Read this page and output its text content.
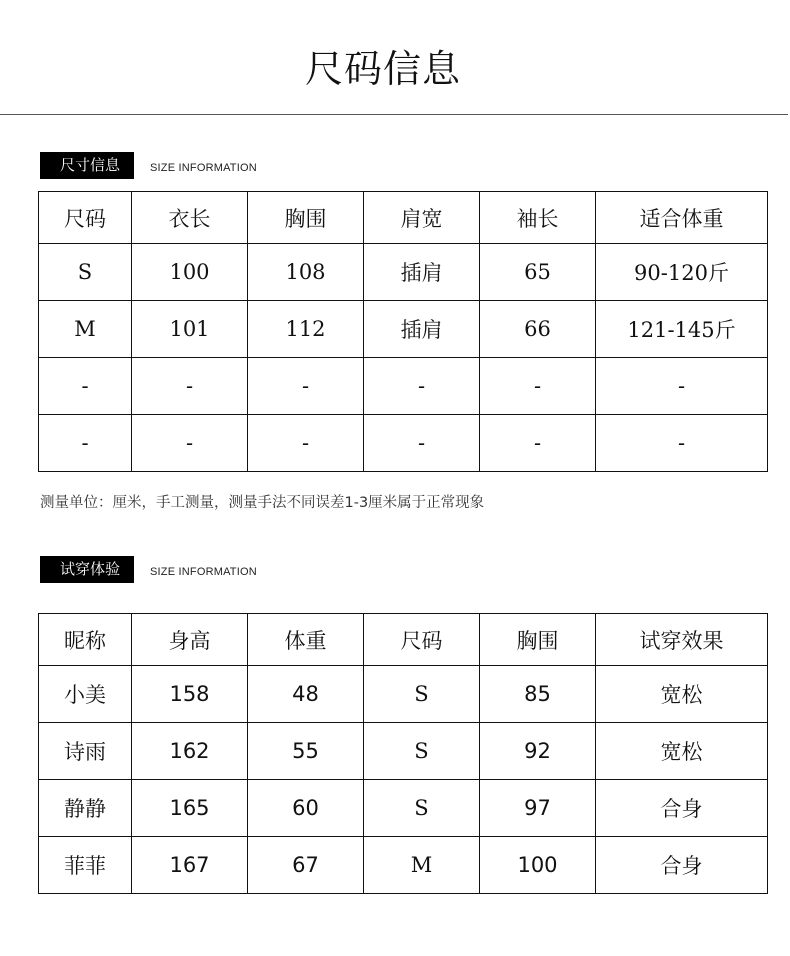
尺码信息
尺寸信息	SIZE INFORMATION
尺码	衣长	胸围	肩宽	袖长	适合体重
S	100	108	插肩	65	90-120斤
M	101	112	插肩	66	121-145斤
-	-	-	-	-	-
-	-	-	-	-	-
测量单位：厘米，手工测量，测量手法不同误差1-3厘米属于正常现象
试穿体验	SIZE INFORMATION
昵称	身高	体重	尺码	胸围	试穿效果
小美	158	48	S	85	宽松
诗雨	162	55	S	92	宽松
静静	165	60	S	97	合身
菲菲	167	67	M	100	合身
